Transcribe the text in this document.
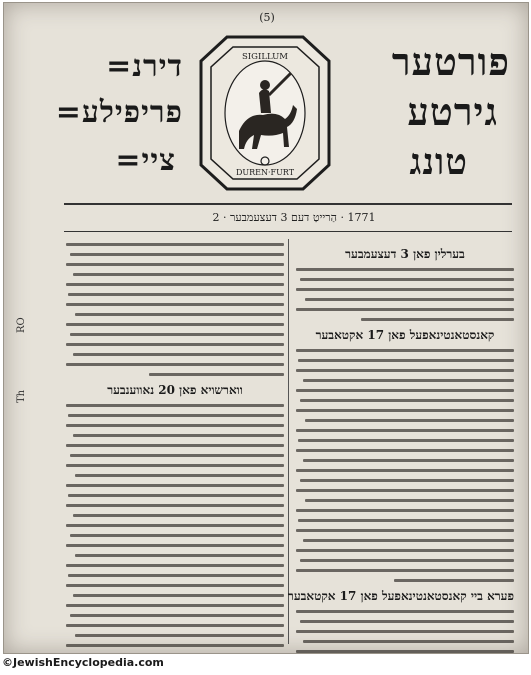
(5)
פורטער
גירטע
טונג
דירנ=
פריפילע=
ציי=
SIGILLUM
DUREN·FURT
1771 · הַרייטַ דעם 3 דעצעמבער · 2
בערלין פאן 3 דעצעמבער
קאנסטאנטינאפעל פאן 17 אקטאבער
פערא ביי קאנסטאנטינאפעל פאן 17 אקטאבער
ווארשויא פאן 20 נאווענבער
RO
Th
©JewishEncyclopedia.com
